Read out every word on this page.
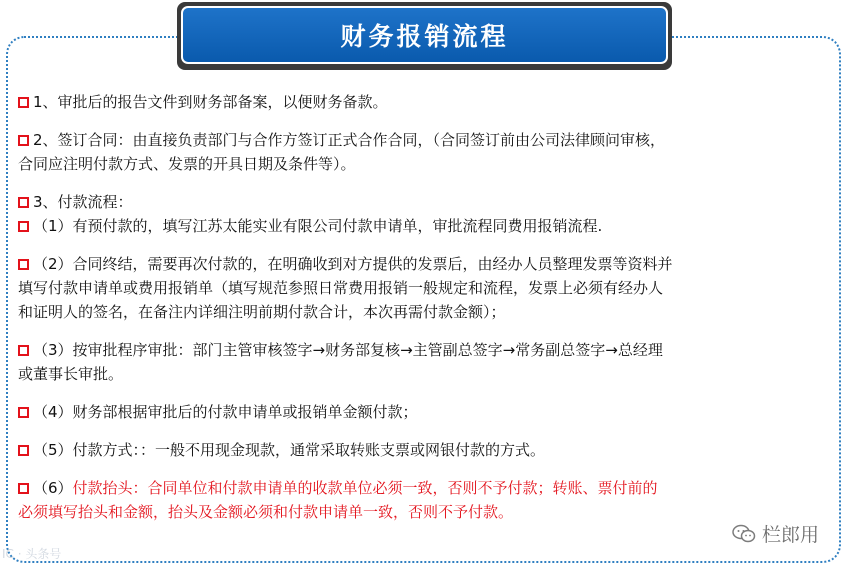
财务报销流程
1、审批后的报告文件到财务部备案，以便财务备款。
2、签订合同：由直接负责部门与合作方签订正式合作合同，（合同签订前由公司法律顾问审核，
合同应注明付款方式、发票的开具日期及条件等）。
3、付款流程：
（1）有预付款的，填写江苏太能实业有限公司付款申请单，审批流程同费用报销流程.
（2）合同终结，需要再次付款的，在明确收到对方提供的发票后，由经办人员整理发票等资料并
填写付款申请单或费用报销单（填写规范参照日常费用报销一般规定和流程，发票上必须有经办人
和证明人的签名，在备注内详细注明前期付款合计，本次再需付款金额）；
（3）按审批程序审批：部门主管审核签字→财务部复核→主管副总签字→常务副总签字→总经理
或董事长审批。
（4）财务部根据审批后的付款申请单或报销单金额付款；
（5）付款方式：：一般不用现金现款，通常采取转账支票或网银付款的方式。
（6）付款抬头：合同单位和付款申请单的收款单位必须一致，否则不予付款；转账、票付前的
必须填写抬头和金额，抬头及金额必须和付款申请单一致，否则不予付款。
IC · 头条号
栏郎用
